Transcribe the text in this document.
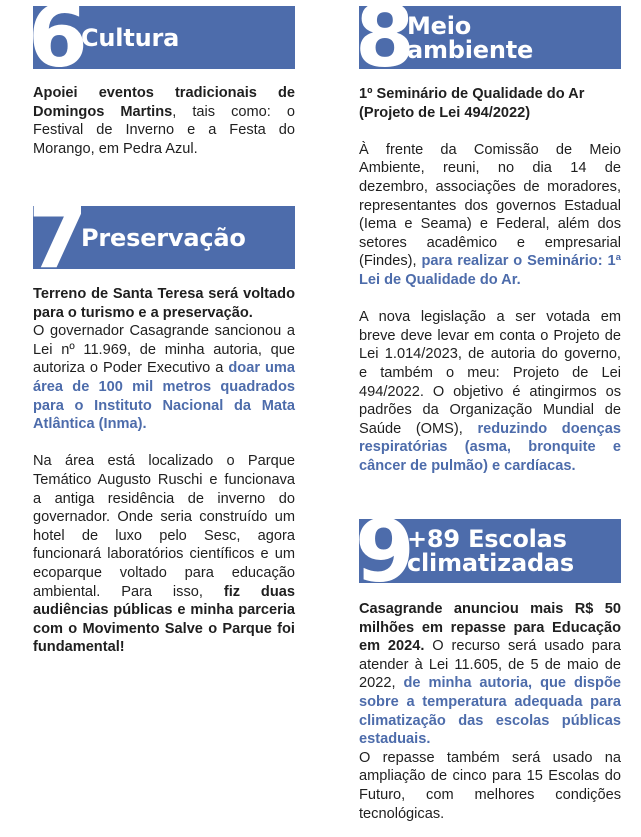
Cultura
6

Apoiei eventos tradicionais de Domingos Martins, tais como: o Festival de Inverno e a Festa do Morango, em Pedra Azul.

Preservação
7

Terreno de Santa Teresa será voltado para o turismo e a preservação.

O governador Casagrande sancionou a Lei nº 11.969, de minha autoria, que autoriza o Poder Executivo a doar uma área de 100 mil metros quadrados para o Instituto Nacional da Mata Atlântica (Inma).

Na área está localizado o Parque Temático Augusto Ruschi e funcionava a antiga residência de inverno do governador. Onde seria construído um hotel de luxo pelo Sesc, agora funcionará laboratórios científicos e um ecoparque voltado para educação ambiental. Para isso, fiz duas audiências públicas e minha parceria com o Movimento Salve o Parque foi fundamental!

Meio
ambiente
8

1º Seminário de Qualidade do Ar (Projeto de Lei 494/2022)

À frente da Comissão de Meio Ambiente, reuni, no dia 14 de dezembro, associações de moradores, representantes dos governos Estadual (Iema e Seama) e Federal, além dos setores acadêmico e empresarial (Findes), para realizar o Seminário: 1ª Lei de Qualidade do Ar.

A nova legislação a ser votada em breve deve levar em conta o Projeto de Lei 1.014/2023, de autoria do governo, e também o meu: Projeto de Lei 494/2022. O objetivo é atingirmos os padrões da Organização Mundial de Saúde (OMS), reduzindo doenças respiratórias (asma, bronquite e câncer de pulmão) e cardíacas.

+89 Escolas
climatizadas
9

Casagrande anunciou mais R$ 50 milhões em repasse para Educação em 2024. O recurso será usado para atender à Lei 11.605, de 5 de maio de 2022, de minha autoria, que dispõe sobre a temperatura adequada para climatização das escolas públicas estaduais.

O repasse também será usado na ampliação de cinco para 15 Escolas do Futuro, com melhores condições tecnológicas.
